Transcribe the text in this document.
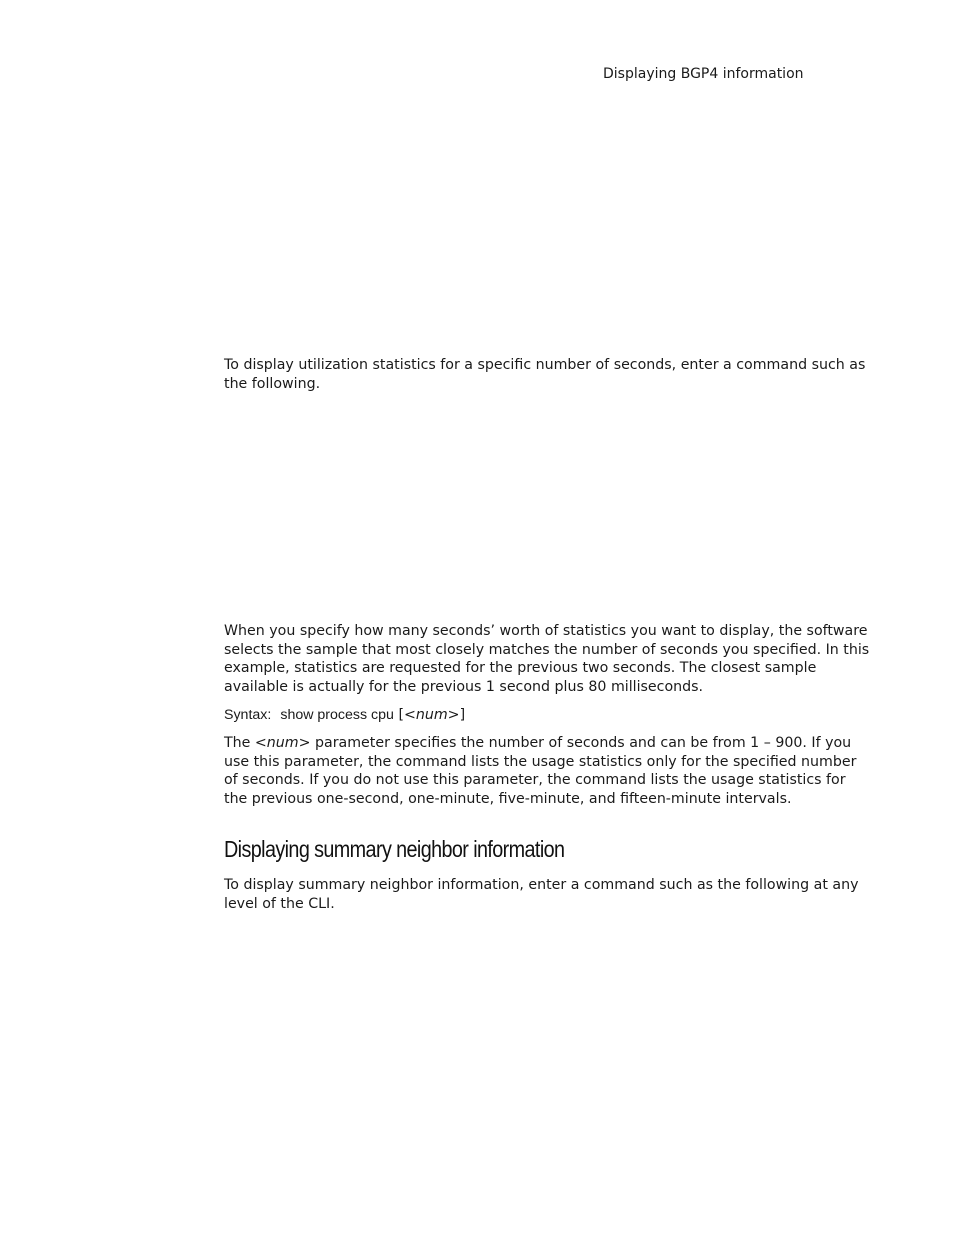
Displaying BGP4 information

To display utilization statistics for a specific number of seconds, enter a command such as the following.

When you specify how many seconds’ worth of statistics you want to display, the software selects the sample that most closely matches the number of seconds you specified. In this example, statistics are requested for the previous two seconds. The closest sample available is actually for the previous 1 second plus 80 milliseconds.

Syntax: show process cpu [<num>]

The <num> parameter specifies the number of seconds and can be from 1 – 900. If you use this parameter, the command lists the usage statistics only for the specified number of seconds. If you do not use this parameter, the command lists the usage statistics for the previous one-second, one-minute, five-minute, and fifteen-minute intervals.

Displaying summary neighbor information

To display summary neighbor information, enter a command such as the following at any level of the CLI.
